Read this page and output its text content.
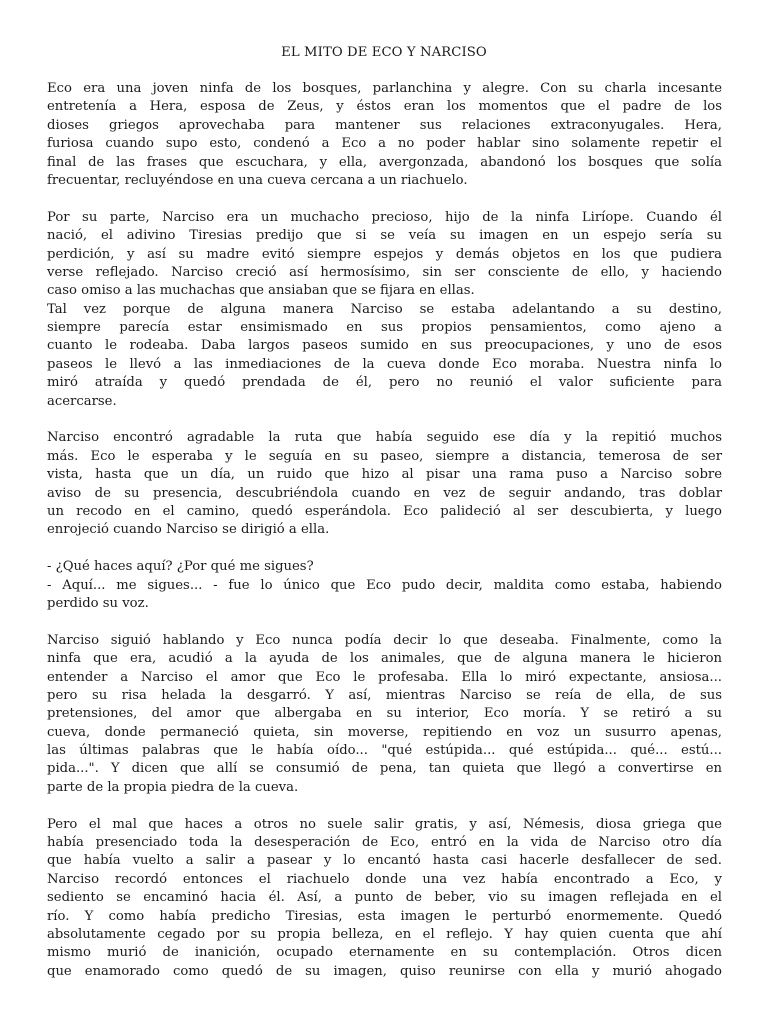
EL MITO DE ECO Y NARCISO
Eco era una joven ninfa de los bosques, parlanchina y alegre. Con su charla incesante
entretenía a Hera, esposa de Zeus, y éstos eran los momentos que el padre de los
dioses griegos aprovechaba para mantener sus relaciones extraconyugales. Hera,
furiosa cuando supo esto, condenó a Eco a no poder hablar sino solamente repetir el
final de las frases que escuchara, y ella, avergonzada, abandonó los bosques que solía
frecuentar, recluyéndose en una cueva cercana a un riachuelo.
Por su parte, Narciso era un muchacho precioso, hijo de la ninfa Liríope. Cuando él
nació, el adivino Tiresias predijo que si se veía su imagen en un espejo sería su
perdición, y así su madre evitó siempre espejos y demás objetos en los que pudiera
verse reflejado. Narciso creció así hermosísimo, sin ser consciente de ello, y haciendo
caso omiso a las muchachas que ansiaban que se fijara en ellas.
Tal vez porque de alguna manera Narciso se estaba adelantando a su destino,
siempre parecía estar ensimismado en sus propios pensamientos, como ajeno a
cuanto le rodeaba. Daba largos paseos sumido en sus preocupaciones, y uno de esos
paseos le llevó a las inmediaciones de la cueva donde Eco moraba. Nuestra ninfa lo
miró atraída y quedó prendada de él, pero no reunió el valor suficiente para
acercarse.
Narciso encontró agradable la ruta que había seguido ese día y la repitió muchos
más. Eco le esperaba y le seguía en su paseo, siempre a distancia, temerosa de ser
vista, hasta que un día, un ruido que hizo al pisar una rama puso a Narciso sobre
aviso de su presencia, descubriéndola cuando en vez de seguir andando, tras doblar
un recodo en el camino, quedó esperándola. Eco palideció al ser descubierta, y luego
enrojeció cuando Narciso se dirigió a ella.
- ¿Qué haces aquí? ¿Por qué me sigues?
- Aquí... me sigues... - fue lo único que Eco pudo decir, maldita como estaba, habiendo
perdido su voz.
Narciso siguió hablando y Eco nunca podía decir lo que deseaba. Finalmente, como la
ninfa que era, acudió a la ayuda de los animales, que de alguna manera le hicieron
entender a Narciso el amor que Eco le profesaba. Ella lo miró expectante, ansiosa...
pero su risa helada la desgarró. Y así, mientras Narciso se reía de ella, de sus
pretensiones, del amor que albergaba en su interior, Eco moría. Y se retiró a su
cueva, donde permaneció quieta, sin moverse, repitiendo en voz un susurro apenas,
las últimas palabras que le había oído... "qué estúpida... qué estúpida... qué... estú...
pida...". Y dicen que allí se consumió de pena, tan quieta que llegó a convertirse en
parte de la propia piedra de la cueva.
Pero el mal que haces a otros no suele salir gratis, y así, Némesis, diosa griega que
había presenciado toda la desesperación de Eco, entró en la vida de Narciso otro día
que había vuelto a salir a pasear y lo encantó hasta casi hacerle desfallecer de sed.
Narciso recordó entonces el riachuelo donde una vez había encontrado a Eco, y
sediento se encaminó hacia él. Así, a punto de beber, vio su imagen reflejada en el
río. Y como había predicho Tiresias, esta imagen le perturbó enormemente. Quedó
absolutamente cegado por su propia belleza, en el reflejo. Y hay quien cuenta que ahí
mismo murió de inanición, ocupado eternamente en su contemplación. Otros dicen
que enamorado como quedó de su imagen, quiso reunirse con ella y murió ahogado
